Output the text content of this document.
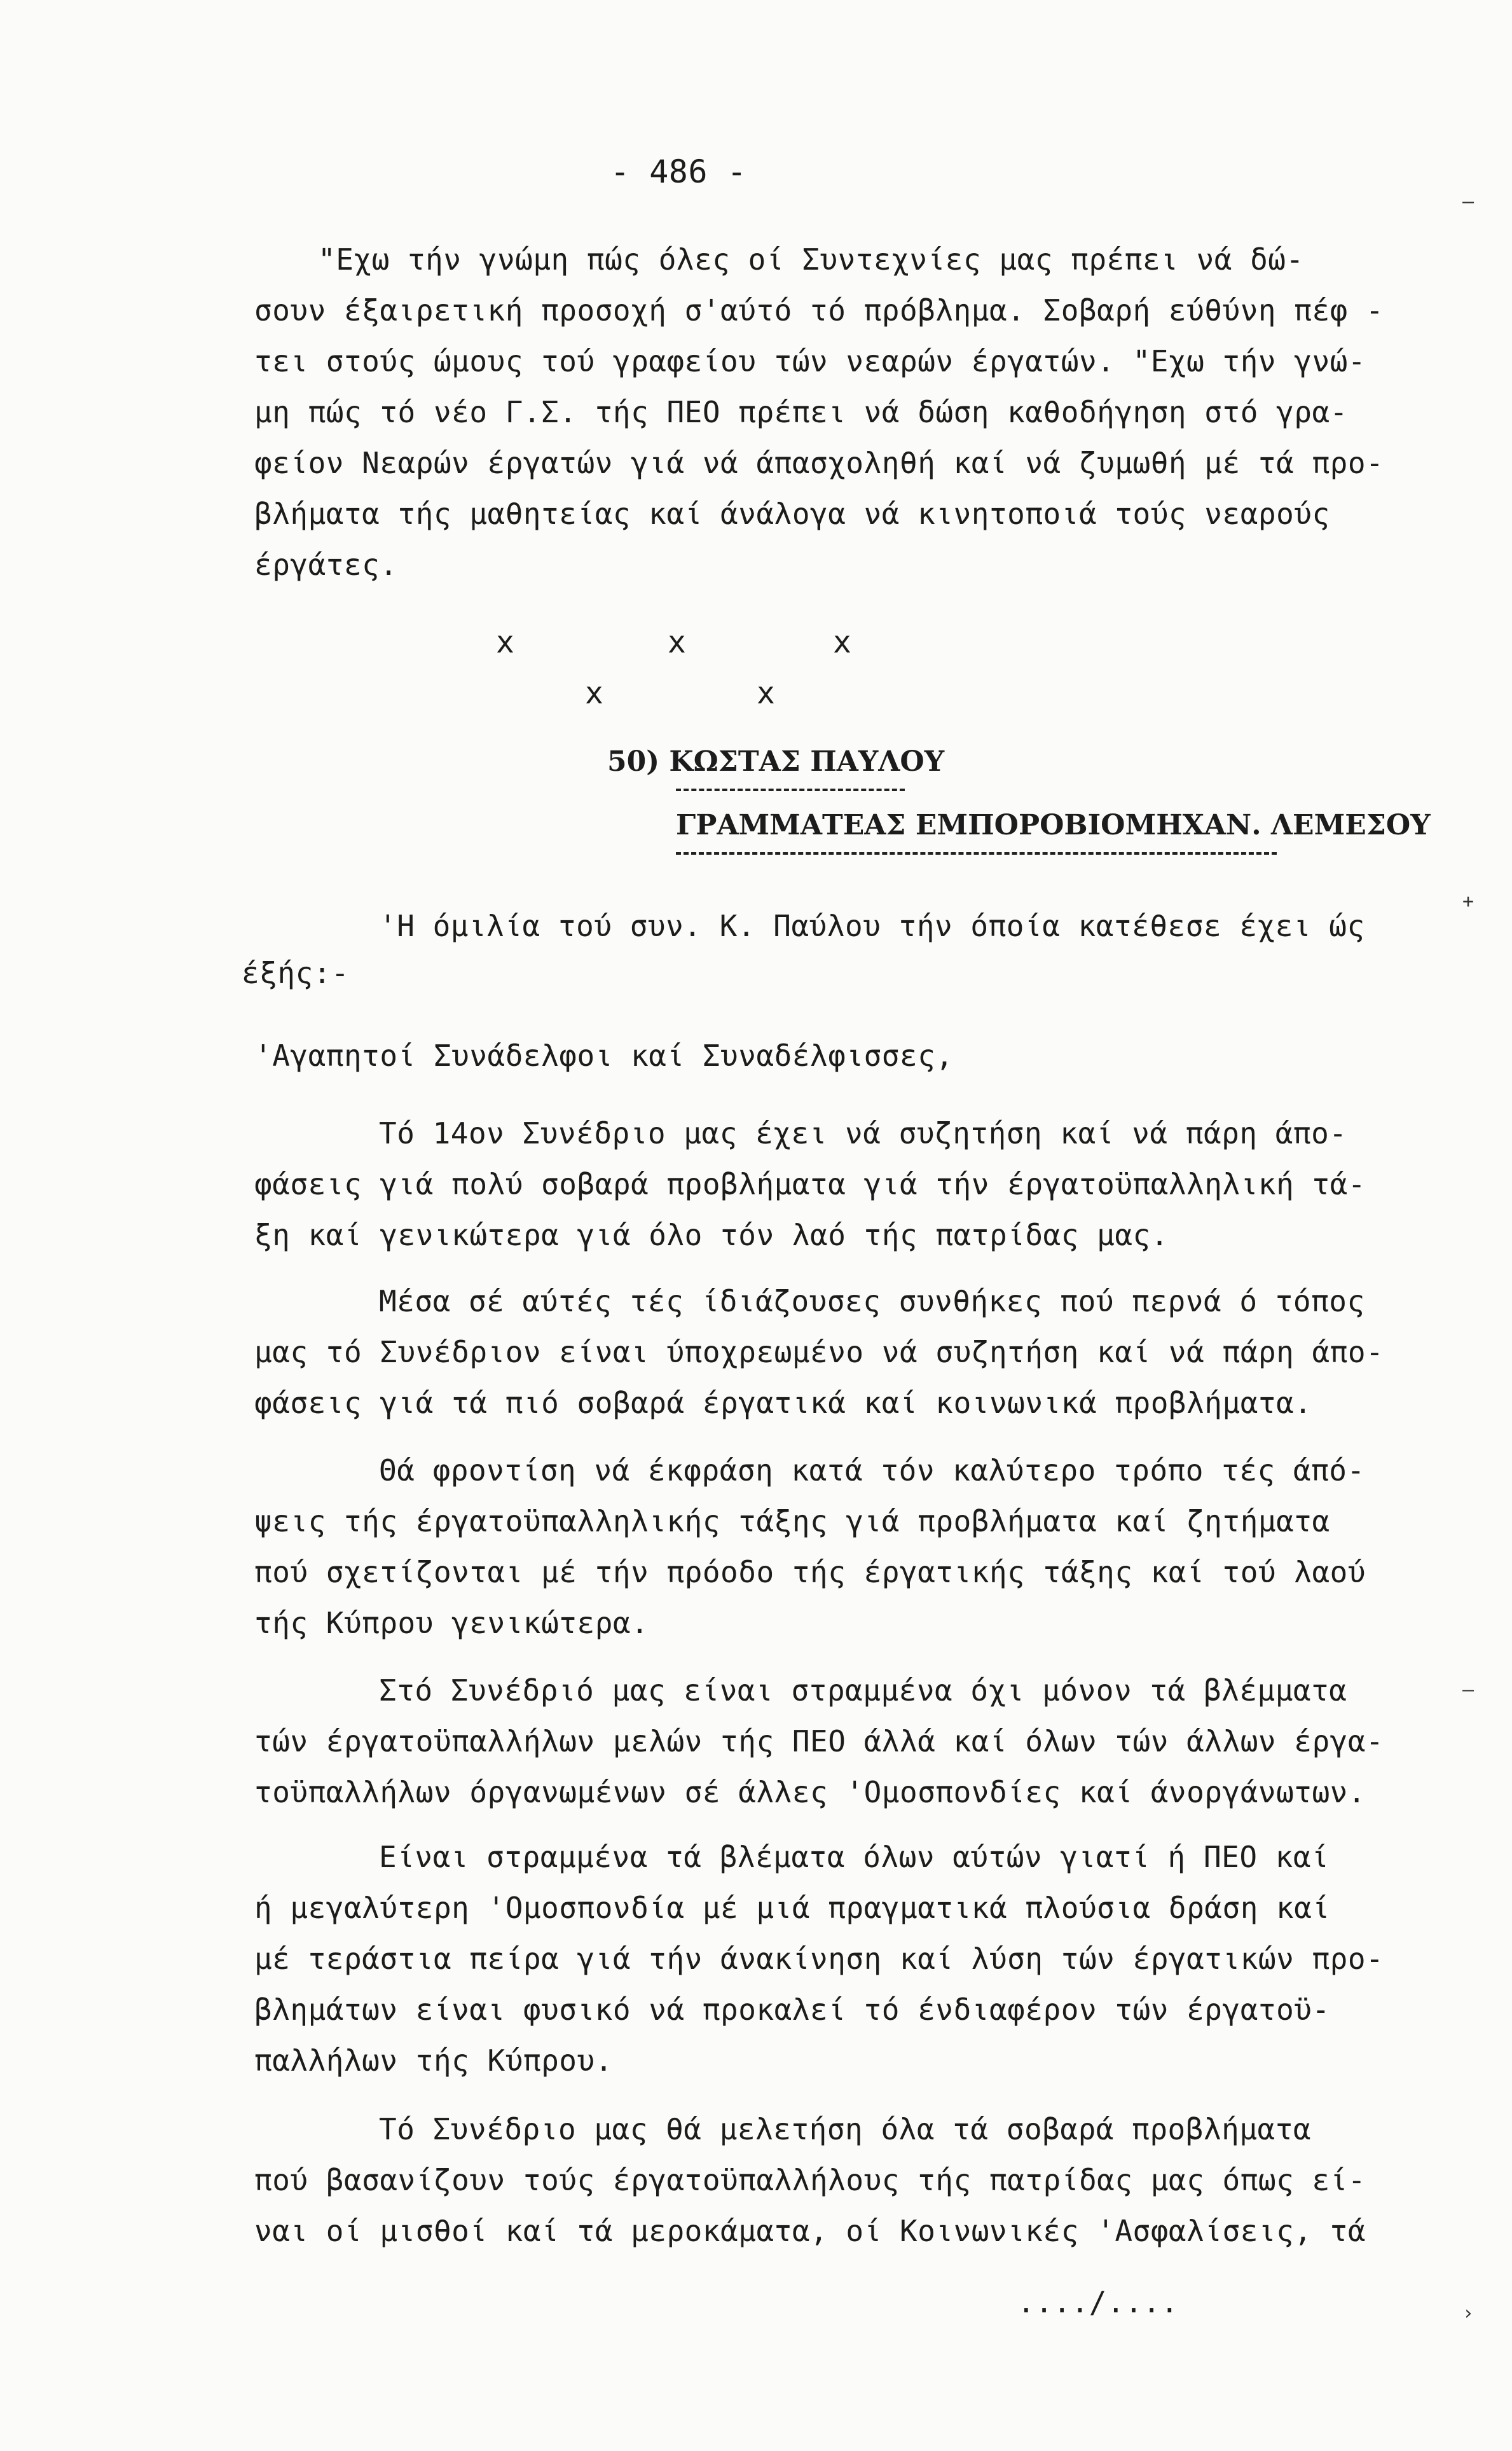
- 486 -
"Εχω τήν γνώμη πώς όλες οί Συντεχνίες μας πρέπει νά δώ-
σουν έξαιρετική προσοχή σ'αύτό τό πρόβλημα. Σοβαρή εύθύνη πέφ -
τει στούς ώμους τού γραφείου τών νεαρών έργατών. "Εχω τήν γνώ-
μη πώς τό νέο Γ.Σ. τής ΠΕΟ πρέπει νά δώση καθοδήγηση στό γρα-
φείον Νεαρών έργατών γιά νά άπασχοληθή καί νά ζυμωθή μέ τά προ-
βλήματα τής μαθητείας καί άνάλογα νά κινητοποιά τούς νεαρούς
έργάτες.
x	x	x
x	x
50) ΚΩΣΤΑΣ ΠΑΥΛΟΥ
ΓΡΑΜΜΑΤΕΑΣ ΕΜΠΟΡΟΒΙΟΜΗΧΑΝ. ΛΕΜΕΣΟΥ
'Η όμιλία τού συν. Κ. Παύλου τήν όποία κατέθεσε έχει ώς
έξής:-
'Αγαπητοί Συνάδελφοι καί Συναδέλφισσες,
Τό 14ον Συνέδριο μας έχει νά συζητήση καί νά πάρη άπο-
φάσεις γιά πολύ σοβαρά προβλήματα γιά τήν έργατοϋπαλληλική τά-
ξη καί γενικώτερα γιά όλο τόν λαό τής πατρίδας μας.
Μέσα σέ αύτές τές ίδιάζουσες συνθήκες πού περνά ό τόπος
μας τό Συνέδριον είναι ύποχρεωμένο νά συζητήση καί νά πάρη άπο-
φάσεις γιά τά πιό σοβαρά έργατικά καί κοινωνικά προβλήματα.
Θά φροντίση νά έκφράση κατά τόν καλύτερο τρόπο τές άπό-
ψεις τής έργατοϋπαλληλικής τάξης γιά προβλήματα καί ζητήματα
πού σχετίζονται μέ τήν πρόοδο τής έργατικής τάξης καί τού λαού
τής Κύπρου γενικώτερα.
Στό Συνέδριό μας είναι στραμμένα όχι μόνον τά βλέμματα
τών έργατοϋπαλλήλων μελών τής ΠΕΟ άλλά καί όλων τών άλλων έργα-
τοϋπαλλήλων όργανωμένων σέ άλλες 'Ομοσπονδίες καί άνοργάνωτων.
Είναι στραμμένα τά βλέματα όλων αύτών γιατί ή ΠΕΟ καί
ή μεγαλύτερη 'Ομοσπονδία μέ μιά πραγματικά πλούσια δράση καί
μέ τεράστια πείρα γιά τήν άνακίνηση καί λύση τών έργατικών προ-
βλημάτων είναι φυσικό νά προκαλεί τό ένδιαφέρον τών έργατοϋ-
παλλήλων τής Κύπρου.
Τό Συνέδριο μας θά μελετήση όλα τά σοβαρά προβλήματα
πού βασανίζουν τούς έργατοϋπαλλήλους τής πατρίδας μας όπως εί-
ναι οί μισθοί καί τά μεροκάματα, οί Κοινωνικές 'Ασφαλίσεις, τά
..../....
—
+
—
›
